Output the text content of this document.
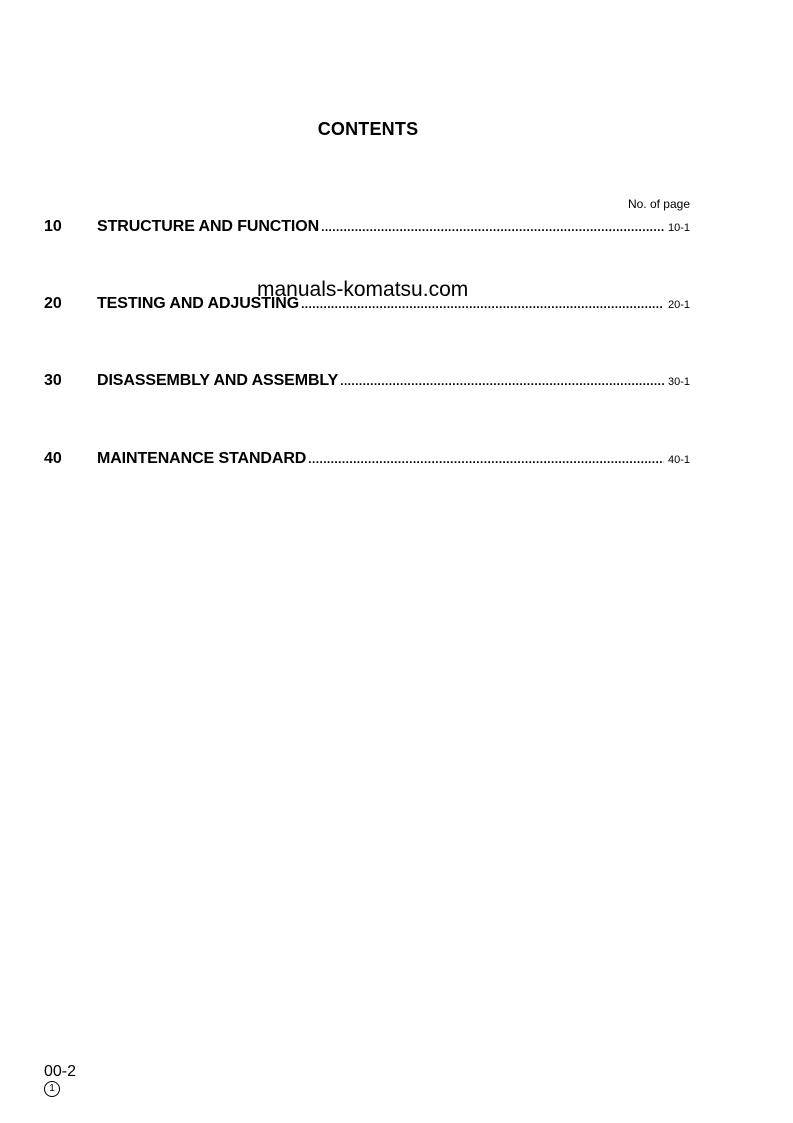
CONTENTS
No. of page
10	STRUCTURE AND FUNCTION .....	10-1
20	TESTING AND ADJUSTING .....	20-1
30	DISASSEMBLY AND ASSEMBLY .....	30-1
40	MAINTENANCE STANDARD .....	40-1
manuals-komatsu.com
00-2
1
